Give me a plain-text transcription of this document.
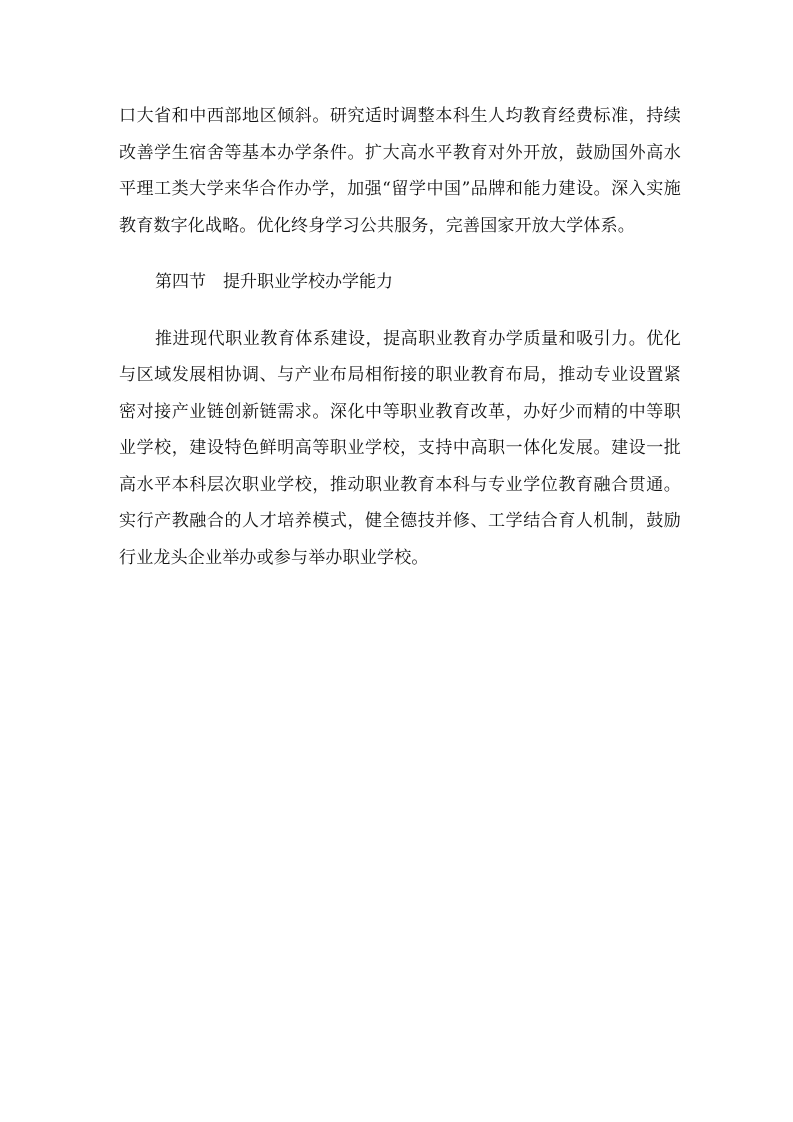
口大省和中西部地区倾斜。研究适时调整本科生人均教育经费标准，持续改善学生宿舍等基本办学条件。扩大高水平教育对外开放，鼓励国外高水平理工类大学来华合作办学，加强“留学中国”品牌和能力建设。深入实施教育数字化战略。优化终身学习公共服务，完善国家开放大学体系。

第四节　提升职业学校办学能力

推进现代职业教育体系建设，提高职业教育办学质量和吸引力。优化与区域发展相协调、与产业布局相衔接的职业教育布局，推动专业设置紧密对接产业链创新链需求。深化中等职业教育改革，办好少而精的中等职业学校，建设特色鲜明高等职业学校，支持中高职一体化发展。建设一批高水平本科层次职业学校，推动职业教育本科与专业学位教育融合贯通。实行产教融合的人才培养模式，健全德技并修、工学结合育人机制，鼓励行业龙头企业举办或参与举办职业学校。
